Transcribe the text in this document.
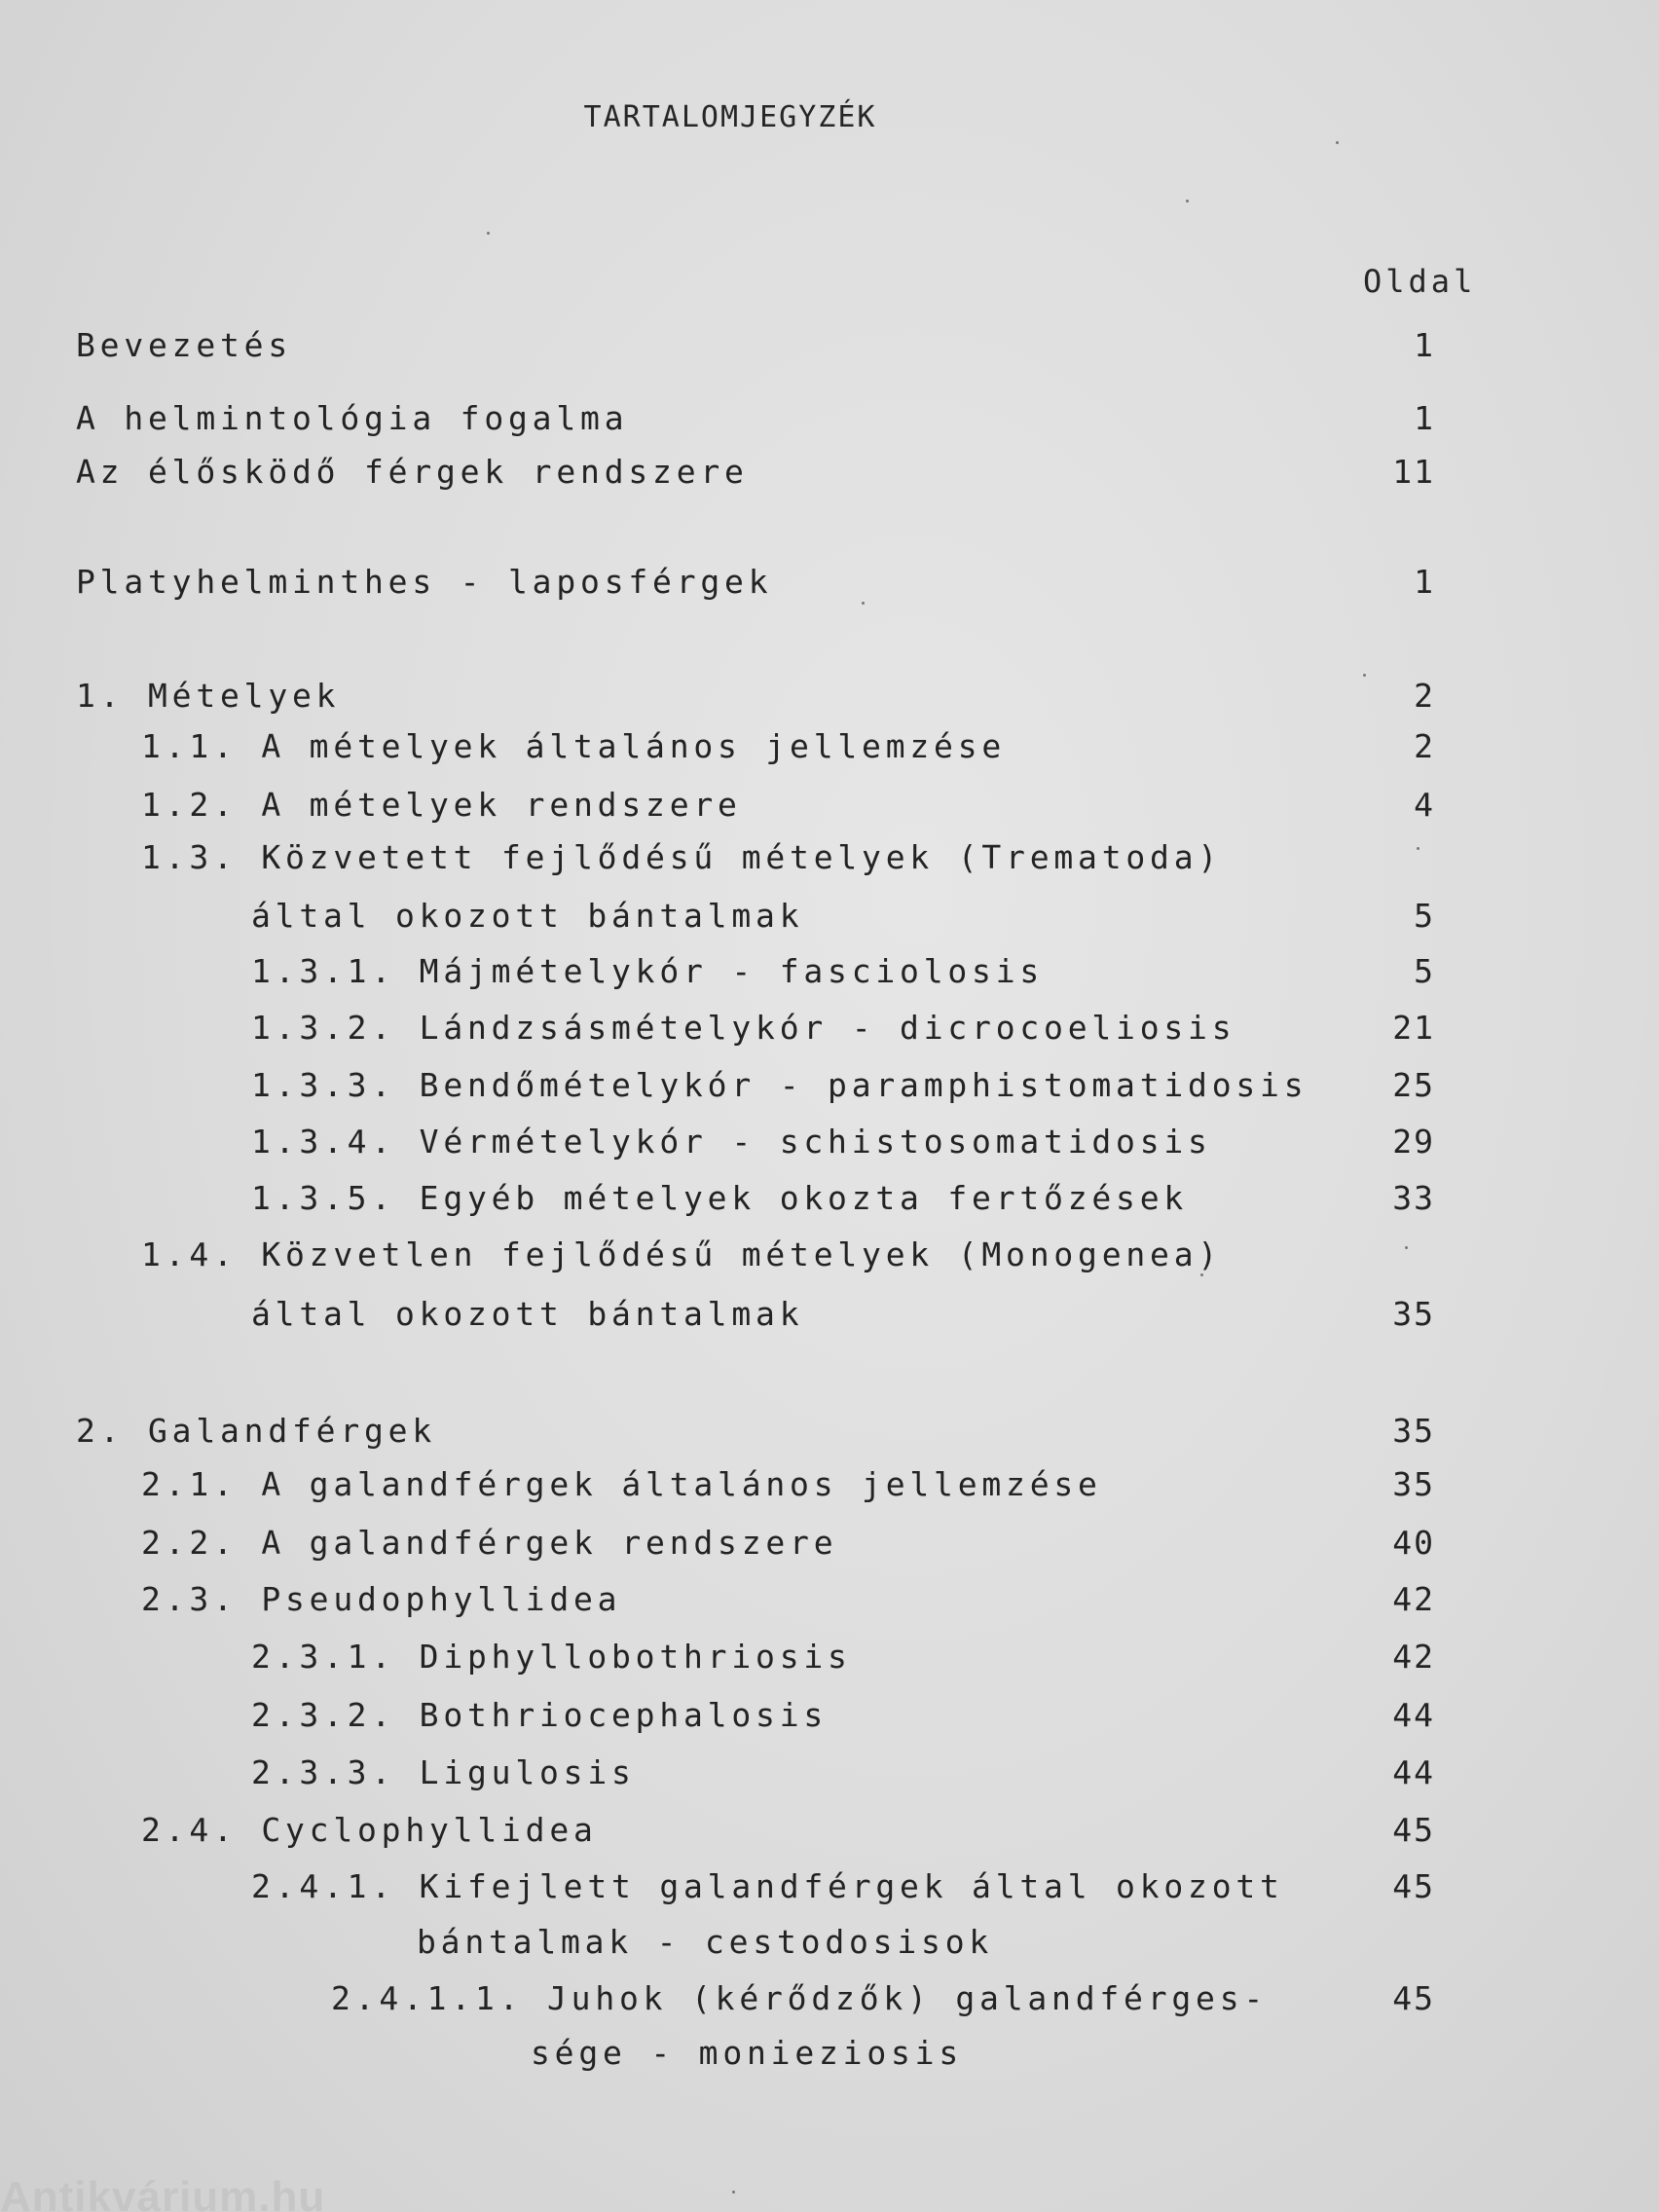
TARTALOMJEGYZÉK
Oldal
Bevezetés	1
A helmintológia fogalma	1
Az élősködő férgek rendszere	11
Platyhelminthes - laposférgek	1
1. Mételyek	2
1.1. A mételyek általános jellemzése	2
1.2. A mételyek rendszere	4
1.3. Közvetett fejlődésű mételyek (Trematoda)
által okozott bántalmak	5
1.3.1. Májmételykór - fasciolosis	5
1.3.2. Lándzsásmételykór - dicrocoeliosis	21
1.3.3. Bendőmételykór - paramphistomatidosis	25
1.3.4. Vérmételykór - schistosomatidosis	29
1.3.5. Egyéb mételyek okozta fertőzések	33
1.4. Közvetlen fejlődésű mételyek (Monogenea)
által okozott bántalmak	35
2. Galandférgek	35
2.1. A galandférgek általános jellemzése	35
2.2. A galandférgek rendszere	40
2.3. Pseudophyllidea	42
2.3.1. Diphyllobothriosis	42
2.3.2. Bothriocephalosis	44
2.3.3. Ligulosis	44
2.4. Cyclophyllidea	45
2.4.1. Kifejlett galandférgek által okozott	45
bántalmak - cestodosisok
2.4.1.1. Juhok (kérődzők) galandférges-	45
sége - monieziosis
Antikvárium.hu
